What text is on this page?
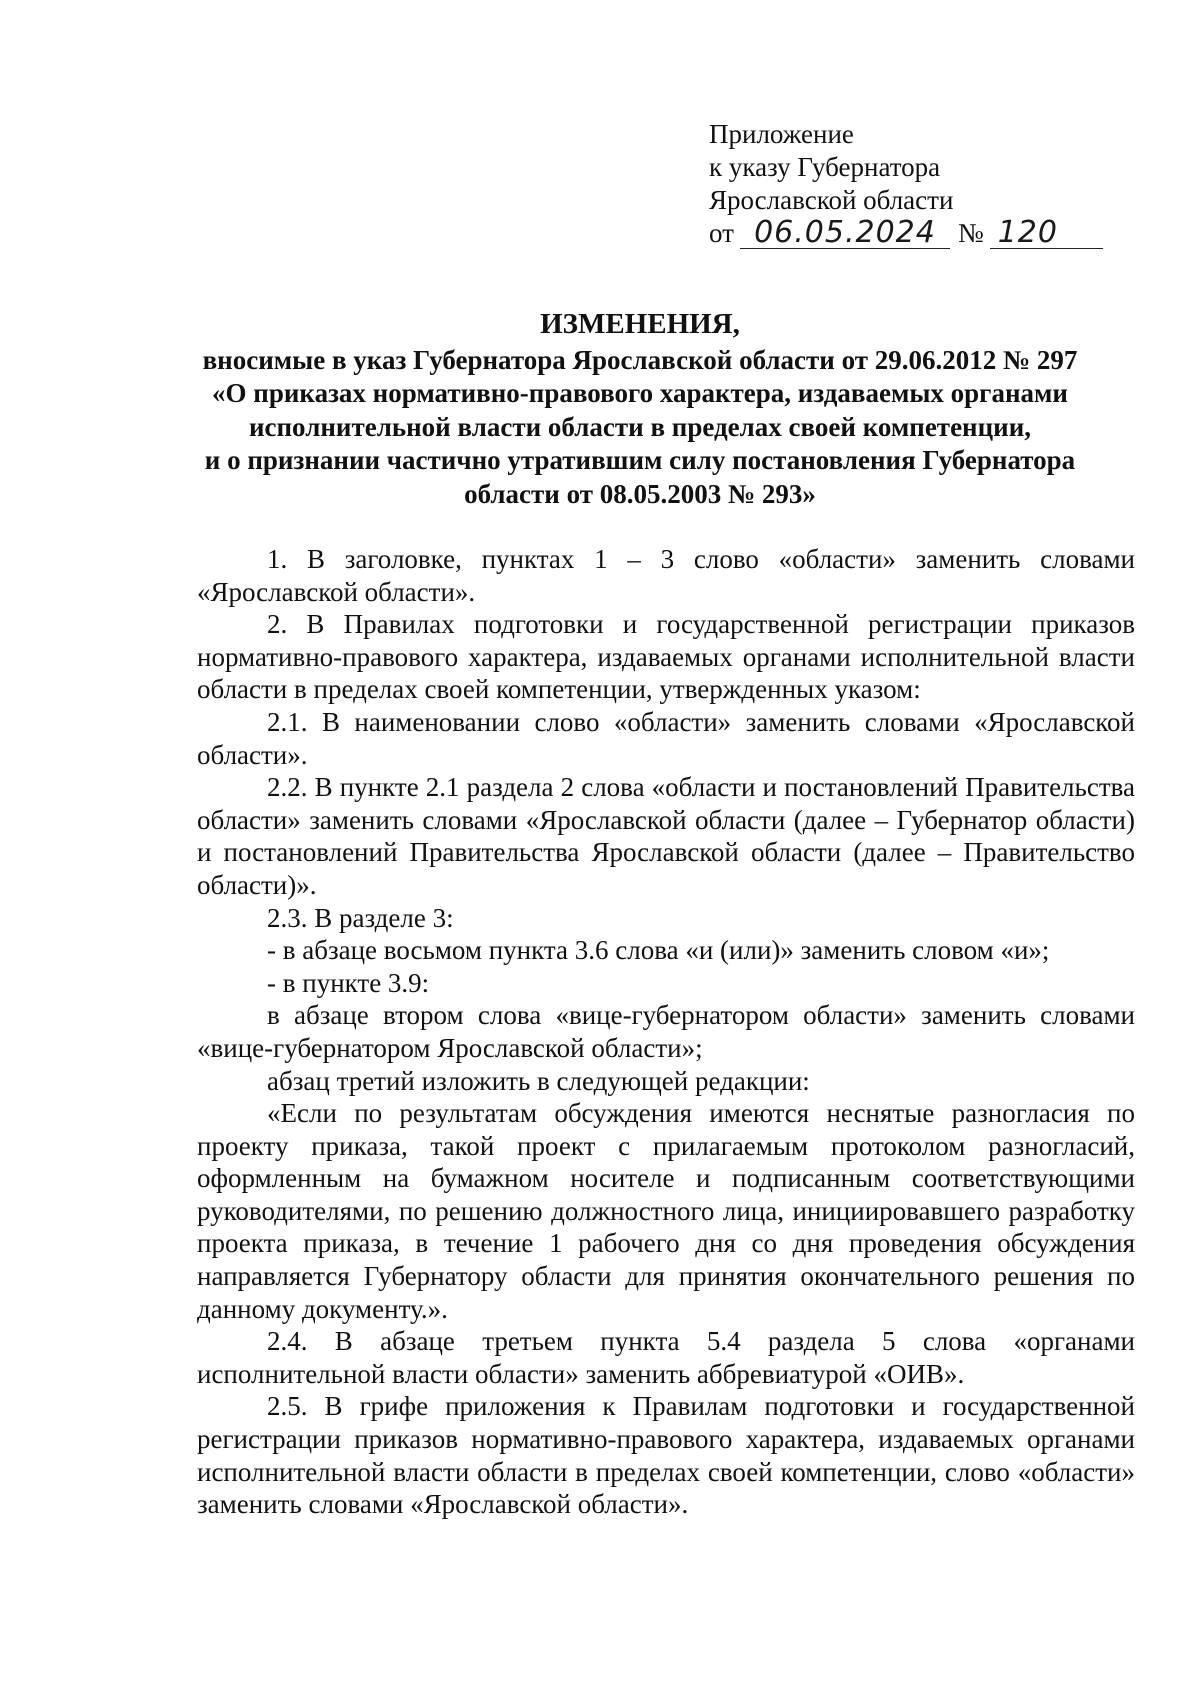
Приложение
к указу Губернатора
Ярославской области
от 06.05.2024 № 120
ИЗМЕНЕНИЯ,
вносимые в указ Губернатора Ярославской области от 29.06.2012 № 297
«О приказах нормативно-правового характера, издаваемых органами
исполнительной власти области в пределах своей компетенции,
и о признании частично утратившим силу постановления Губернатора
области от 08.05.2003 № 293»

1. В заголовке, пунктах 1 – 3 слово «области» заменить словами «Ярославской области».

2. В Правилах подготовки и государственной регистрации приказов нормативно-правового характера, издаваемых органами исполнительной власти области в пределах своей компетенции, утвержденных указом:

2.1. В наименовании слово «области» заменить словами «Ярославской области».

2.2. В пункте 2.1 раздела 2 слова «области и постановлений Правительства области» заменить словами «Ярославской области (далее – Губернатор области) и постановлений Правительства Ярославской области (далее – Правительство области)».

2.3. В разделе 3:

- в абзаце восьмом пункта 3.6 слова «и (или)» заменить словом «и»;

- в пункте 3.9:

в абзаце втором слова «вице-губернатором области» заменить словами «вице-губернатором Ярославской области»;

абзац третий изложить в следующей редакции:

«Если по результатам обсуждения имеются неснятые разногласия по проекту приказа, такой проект с прилагаемым протоколом разногласий, оформленным на бумажном носителе и подписанным соответствующими руководителями, по решению должностного лица, инициировавшего разработку проекта приказа, в течение 1 рабочего дня со дня проведения обсуждения направляется Губернатору области для принятия окончательного решения по данному документу.».

2.4. В абзаце третьем пункта 5.4 раздела 5 слова «органами исполнительной власти области» заменить аббревиатурой «ОИВ».

2.5. В грифе приложения к Правилам подготовки и государственной регистрации приказов нормативно-правового характера, издаваемых органами исполнительной власти области в пределах своей компетенции, слово «области» заменить словами «Ярославской области».
